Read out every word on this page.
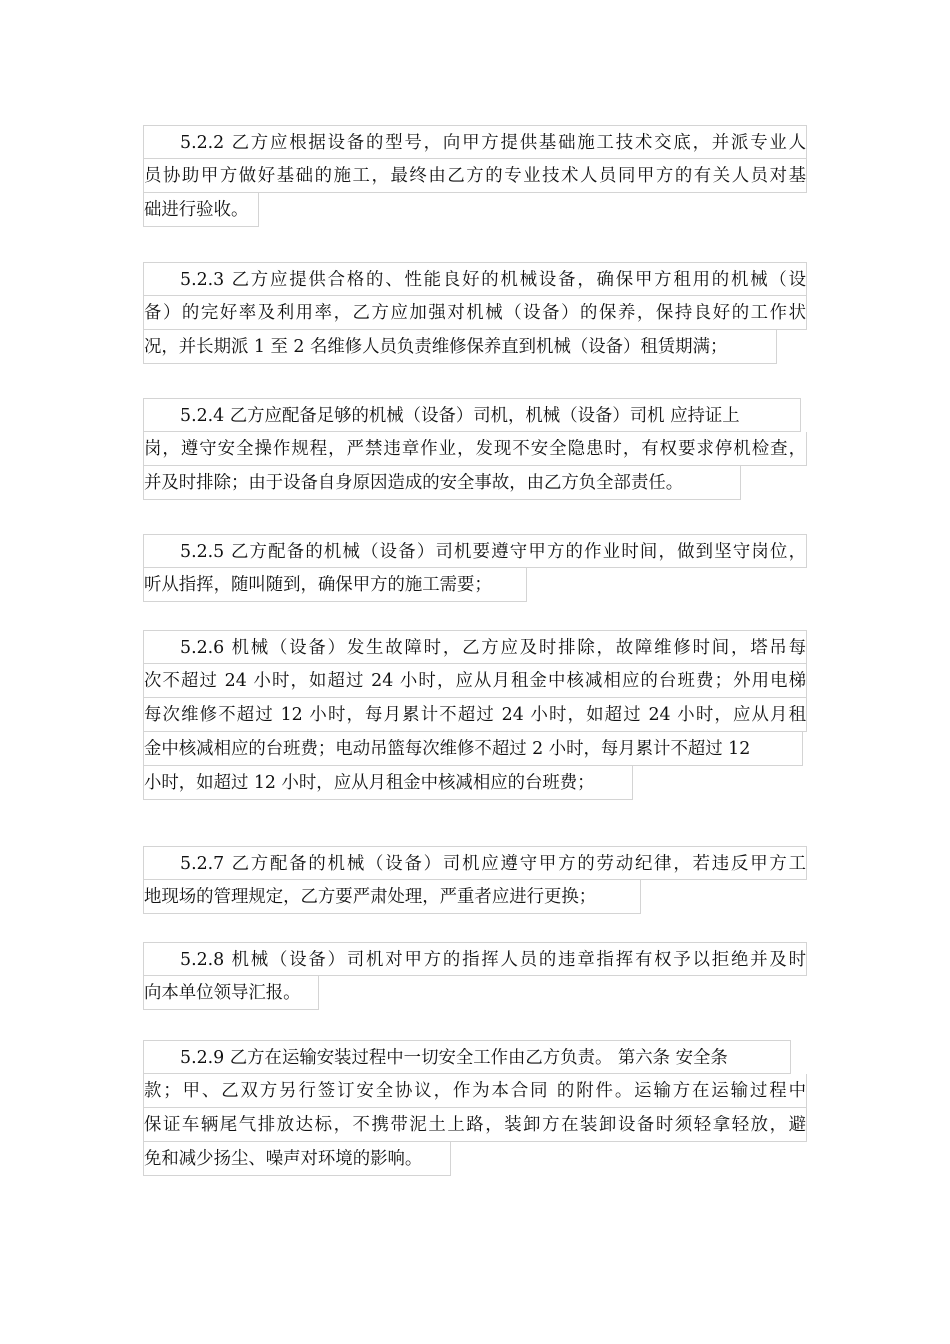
5.2.2 乙方应根据设备的型号，向甲方提供基础施工技术交底，并派专业人
员协助甲方做好基础的施工，最终由乙方的专业技术人员同甲方的有关人员对基
础进行验收。
5.2.3 乙方应提供合格的、性能良好的机械设备，确保甲方租用的机械（设
备）的完好率及利用率，乙方应加强对机械（设备）的保养，保持良好的工作状
况，并长期派 1 至 2 名维修人员负责维修保养直到机械（设备）租赁期满；
5.2.4 乙方应配备足够的机械（设备）司机，机械（设备）司机 应持证上
岗，遵守安全操作规程，严禁违章作业，发现不安全隐患时，有权要求停机检查，
并及时排除；由于设备自身原因造成的安全事故，由乙方负全部责任。
5.2.5 乙方配备的机械（设备）司机要遵守甲方的作业时间，做到坚守岗位，
听从指挥，随叫随到，确保甲方的施工需要；
5.2.6 机械（设备）发生故障时，乙方应及时排除，故障维修时间，塔吊每
次不超过 24 小时，如超过 24 小时，应从月租金中核减相应的台班费；外用电梯
每次维修不超过 12 小时，每月累计不超过 24 小时，如超过 24 小时，应从月租
金中核减相应的台班费；电动吊篮每次维修不超过 2 小时，每月累计不超过 12
小时，如超过 12 小时，应从月租金中核减相应的台班费；
5.2.7 乙方配备的机械（设备）司机应遵守甲方的劳动纪律，若违反甲方工
地现场的管理规定，乙方要严肃处理，严重者应进行更换；
5.2.8 机械（设备）司机对甲方的指挥人员的违章指挥有权予以拒绝并及时
向本单位领导汇报。
5.2.9 乙方在运输安装过程中一切安全工作由乙方负责。 第六条 安全条
款；甲、乙双方另行签订安全协议，作为本合同 的附件。运输方在运输过程中
保证车辆尾气排放达标，不携带泥土上路，装卸方在装卸设备时须轻拿轻放，避
免和减少扬尘、噪声对环境的影响。
